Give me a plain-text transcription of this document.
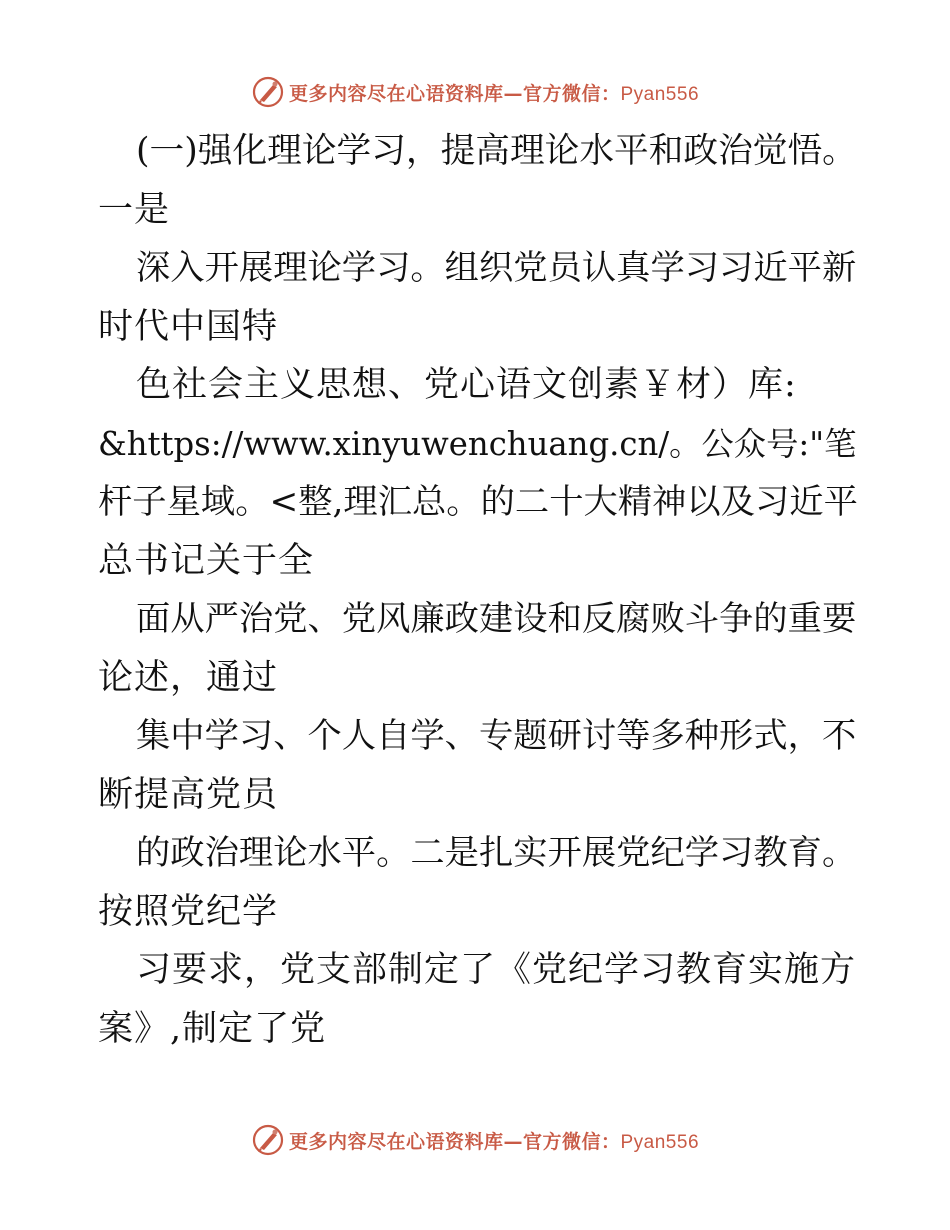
更多内容尽在心语资料库—官方微信：Pyan556
(一)强化理论学习，提高理论水平和政治觉悟。
一是
深入开展理论学习。组织党员认真学习习近平新
时代中国特
色社会主义思想、党心语文创素￥材）库:
&https://www.xinyuwenchuang.cn/。公众号:"笔
杆子星域。<整,理汇总。的二十大精神以及习近平
总书记关于全
面从严治党、党风廉政建设和反腐败斗争的重要
论述，通过
集中学习、个人自学、专题研讨等多种形式，不
断提高党员
的政治理论水平。二是扎实开展党纪学习教育。
按照党纪学
习要求，党支部制定了《党纪学习教育实施方
案》,制定了党
更多内容尽在心语资料库—官方微信：Pyan556
